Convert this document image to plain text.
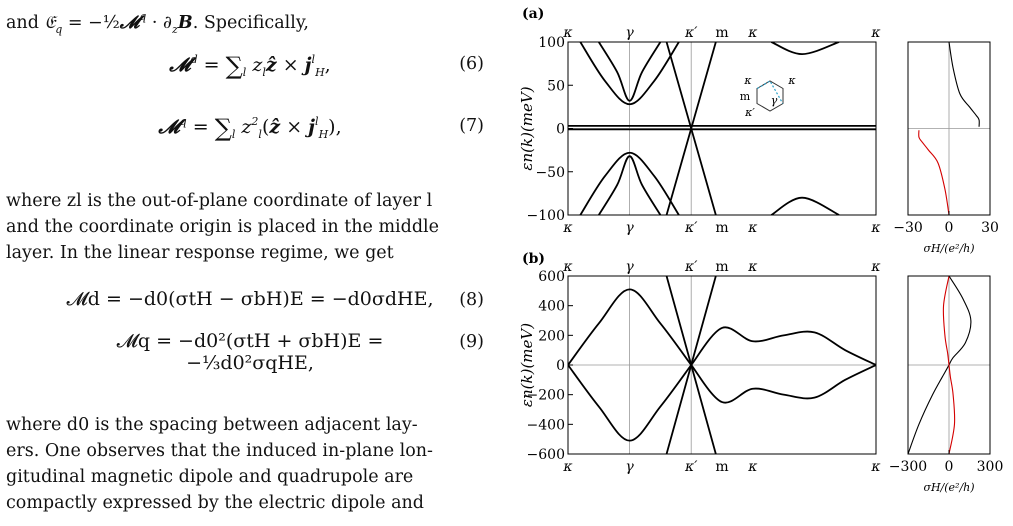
and 𝔈$_q$ = −½𝓜$^q$ · $\partial_zB$. Specifically,
𝓜$^d$ = $\sum_l$ $z_lẑ \times j^l_H$,	(6)
𝓜$^q$ = $\sum_l$ $z^2_l(ẑ \times j^l_H)$,	(7)
where zl is the out-of-plane coordinate of layer l
and the coordinate origin is placed in the middle
layer. In the linear response regime, we get
𝓜d = −d0(σtH − σbH)E = −d0σdHE,	(8)
𝓜q = −d0²(σtH + σbH)E = −⅓d0²σqHE,
(9)
where d0 is the spacing between adjacent lay-
ers. One observes that the induced in-plane lon-
gitudinal magnetic dipole and quadrupole are
compactly expressed by the electric dipole and
(a)
(b)
−100
−50
0
50
100
κ
κ
γ
γ
κ′
κ′
m
m
κ
κ
κ
κ
εn(k)(meV)
−30 0 30
σH/(e²/h)
−600
−400
−200
0
200
400
600
κ
κ
γ
γ
κ′
κ′
m
m
κ
κ
κ
κ
εn(k)(meV)
−300 0 300
σH/(e²/h)
κ	κ
m γ
κ′
